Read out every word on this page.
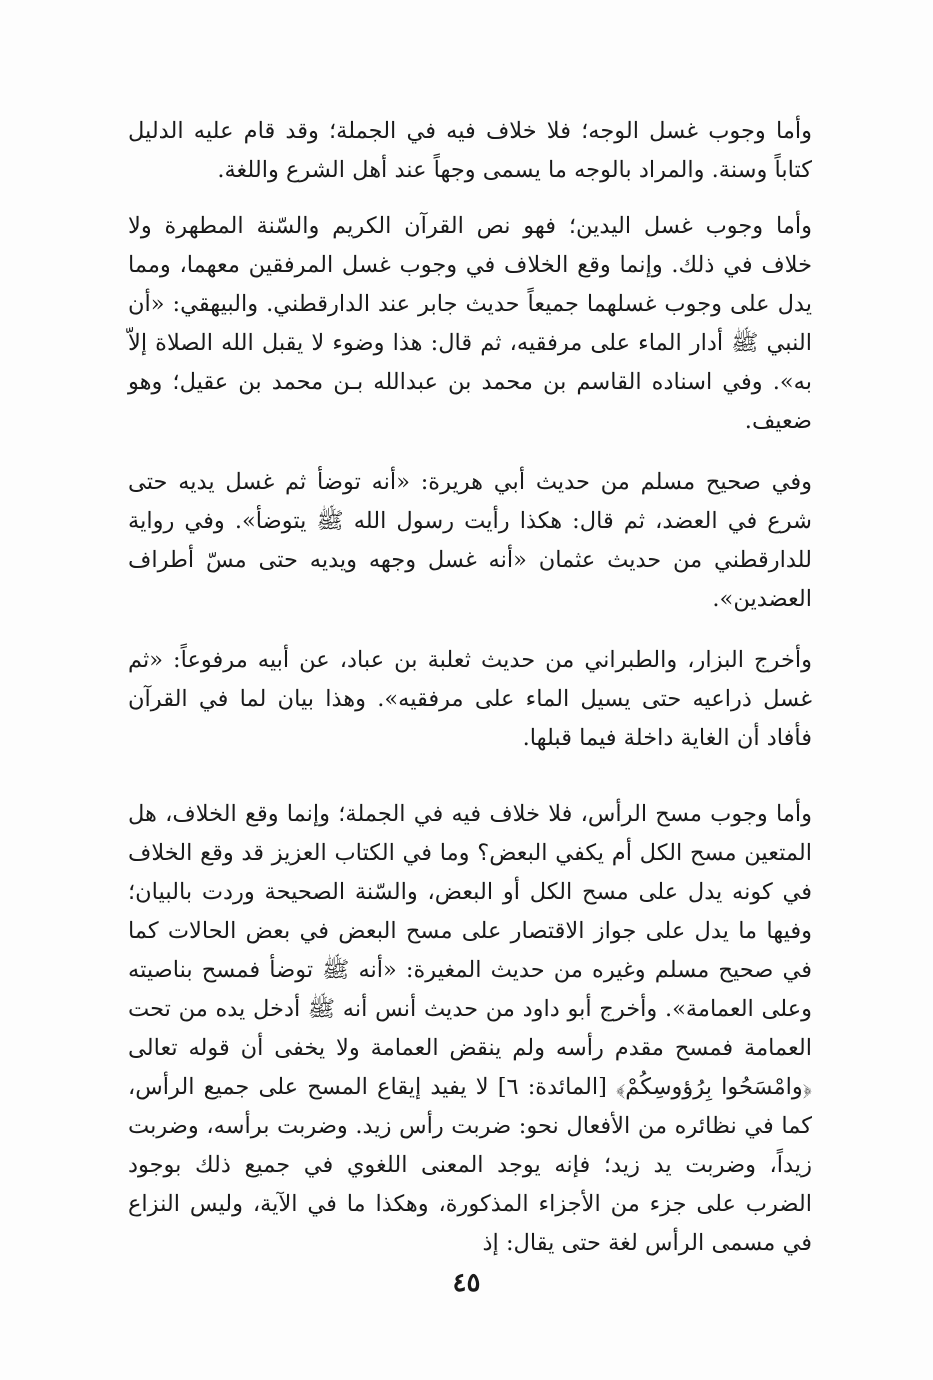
وأما وجوب غسل الوجه؛ فلا خلاف فيه في الجملة؛ وقد قام عليه الدليل كتاباً وسنة. والمراد بالوجه ما يسمى وجهاً عند أهل الشرع واللغة.

وأما وجوب غسل اليدين؛ فهو نص القرآن الكريم والسّنة المطهرة ولا خلاف في ذلك. وإنما وقع الخلاف في وجوب غسل المرفقين معهما، ومما يدل على وجوب غسلهما جميعاً حديث جابر عند الدارقطني. والبيهقي: «أن النبي ﷺ أدار الماء على مرفقيه، ثم قال: هذا وضوء لا يقبل الله الصلاة إلاّ به». وفي اسناده القاسم بن محمد بن عبدالله بـن محمد بن عقيل؛ وهو ضعيف.

وفي صحيح مسلم من حديث أبي هريرة: «أنه توضأ ثم غسل يديه حتى شرع في العضد، ثم قال: هكذا رأيت رسول الله ﷺ يتوضأ». وفي رواية للدارقطني من حديث عثمان «أنه غسل وجهه ويديه حتى مسّ أطراف العضدين».

وأخرج البزار، والطبراني من حديث ثعلبة بن عباد، عن أبيه مرفوعاً: «ثم غسل ذراعيه حتى يسيل الماء على مرفقيه». وهذا بيان لما في القرآن فأفاد أن الغاية داخلة فيما قبلها.

وأما وجوب مسح الرأس، فلا خلاف فيه في الجملة؛ وإنما وقع الخلاف، هل المتعين مسح الكل أم يكفي البعض؟ وما في الكتاب العزيز قد وقع الخلاف في كونه يدل على مسح الكل أو البعض، والسّنة الصحيحة وردت بالبيان؛ وفيها ما يدل على جواز الاقتصار على مسح البعض في بعض الحالات كما في صحيح مسلم وغيره من حديث المغيرة: «أنه ﷺ توضأ فمسح بناصيته وعلى العمامة». وأخرج أبو داود من حديث أنس أنه ﷺ أدخل يده من تحت العمامة فمسح مقدم رأسه ولم ينقض العمامة ولا يخفى أن قوله تعالى ﴿وامْسَحُوا بِرُؤوسِكُمْ﴾ [المائدة: ٦] لا يفيد إيقاع المسح على جميع الرأس، كما في نظائره من الأفعال نحو: ضربت رأس زيد. وضربت برأسه، وضربت زيداً، وضربت يد زيد؛ فإنه يوجد المعنى اللغوي في جميع ذلك بوجود الضرب على جزء من الأجزاء المذكورة، وهكذا ما في الآية، وليس النزاع في مسمى الرأس لغة حتى يقال: إذ

٤٥
